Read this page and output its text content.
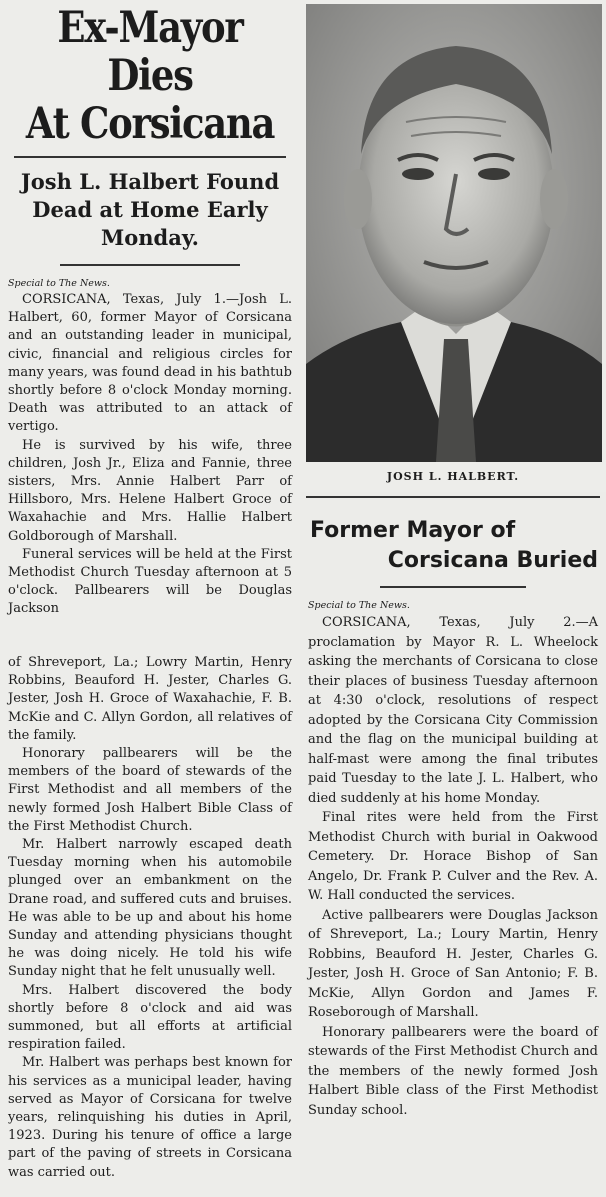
Ex-Mayor Dies
At Corsicana
Josh L. Halbert Found Dead at Home Early Monday.
Special to The News.

CORSICANA, Texas, July 1.—Josh L. Halbert, 60, former Mayor of Corsicana and an outstanding leader in municipal, civic, financial and religious circles for many years, was found dead in his bathtub shortly before 8 o'clock Monday morning. Death was attributed to an attack of vertigo.

He is survived by his wife, three children, Josh Jr., Eliza and Fannie, three sisters, Mrs. Annie Halbert Parr of Hillsboro, Mrs. Helene Halbert Groce of Waxahachie and Mrs. Hallie Halbert Goldborough of Marshall.

Funeral services will be held at the First Methodist Church Tuesday afternoon at 5 o'clock. Pallbearers will be Douglas Jackson

JOSH L. HALBERT.
Former Mayor of
Corsicana Buried
Special to The News.

CORSICANA, Texas, July 2.—A proclamation by Mayor R. L. Wheelock asking the merchants of Corsicana to close their places of business Tuesday afternoon at 4:30 o'clock, resolutions of respect adopted by the Corsicana City Commission and the flag on the municipal building at half-mast were among the final tributes paid Tuesday to the late J. L. Halbert, who died suddenly at his home Monday.

Final rites were held from the First Methodist Church with burial in Oakwood Cemetery. Dr. Horace Bishop of San Angelo, Dr. Frank P. Culver and the Rev. A. W. Hall conducted the services.

Active pallbearers were Douglas Jackson of Shreveport, La.; Loury Martin, Henry Robbins, Beauford H. Jester, Charles G. Jester, Josh H. Groce of San Antonio; F. B. McKie, Allyn Gordon and James F. Roseborough of Marshall.

Honorary pallbearers were the board of stewards of the First Methodist Church and the members of the newly formed Josh Halbert Bible class of the First Methodist Sunday school.

of Shreveport, La.; Lowry Martin, Henry Robbins, Beauford H. Jester, Charles G. Jester, Josh H. Groce of Waxahachie, F. B. McKie and C. Allyn Gordon, all relatives of the family.

Honorary pallbearers will be the members of the board of stewards of the First Methodist and all members of the newly formed Josh Halbert Bible Class of the First Methodist Church.

Mr. Halbert narrowly escaped death Tuesday morning when his automobile plunged over an embankment on the Drane road, and suffered cuts and bruises. He was able to be up and about his home Sunday and attending physicians thought he was doing nicely. He told his wife Sunday night that he felt unusually well.

Mrs. Halbert discovered the body shortly before 8 o'clock and aid was summoned, but all efforts at artificial respiration failed.

Mr. Halbert was perhaps best known for his services as a municipal leader, having served as Mayor of Corsicana for twelve years, relinquishing his duties in April, 1923. During his tenure of office a large part of the paving of streets in Corsicana was carried out.
